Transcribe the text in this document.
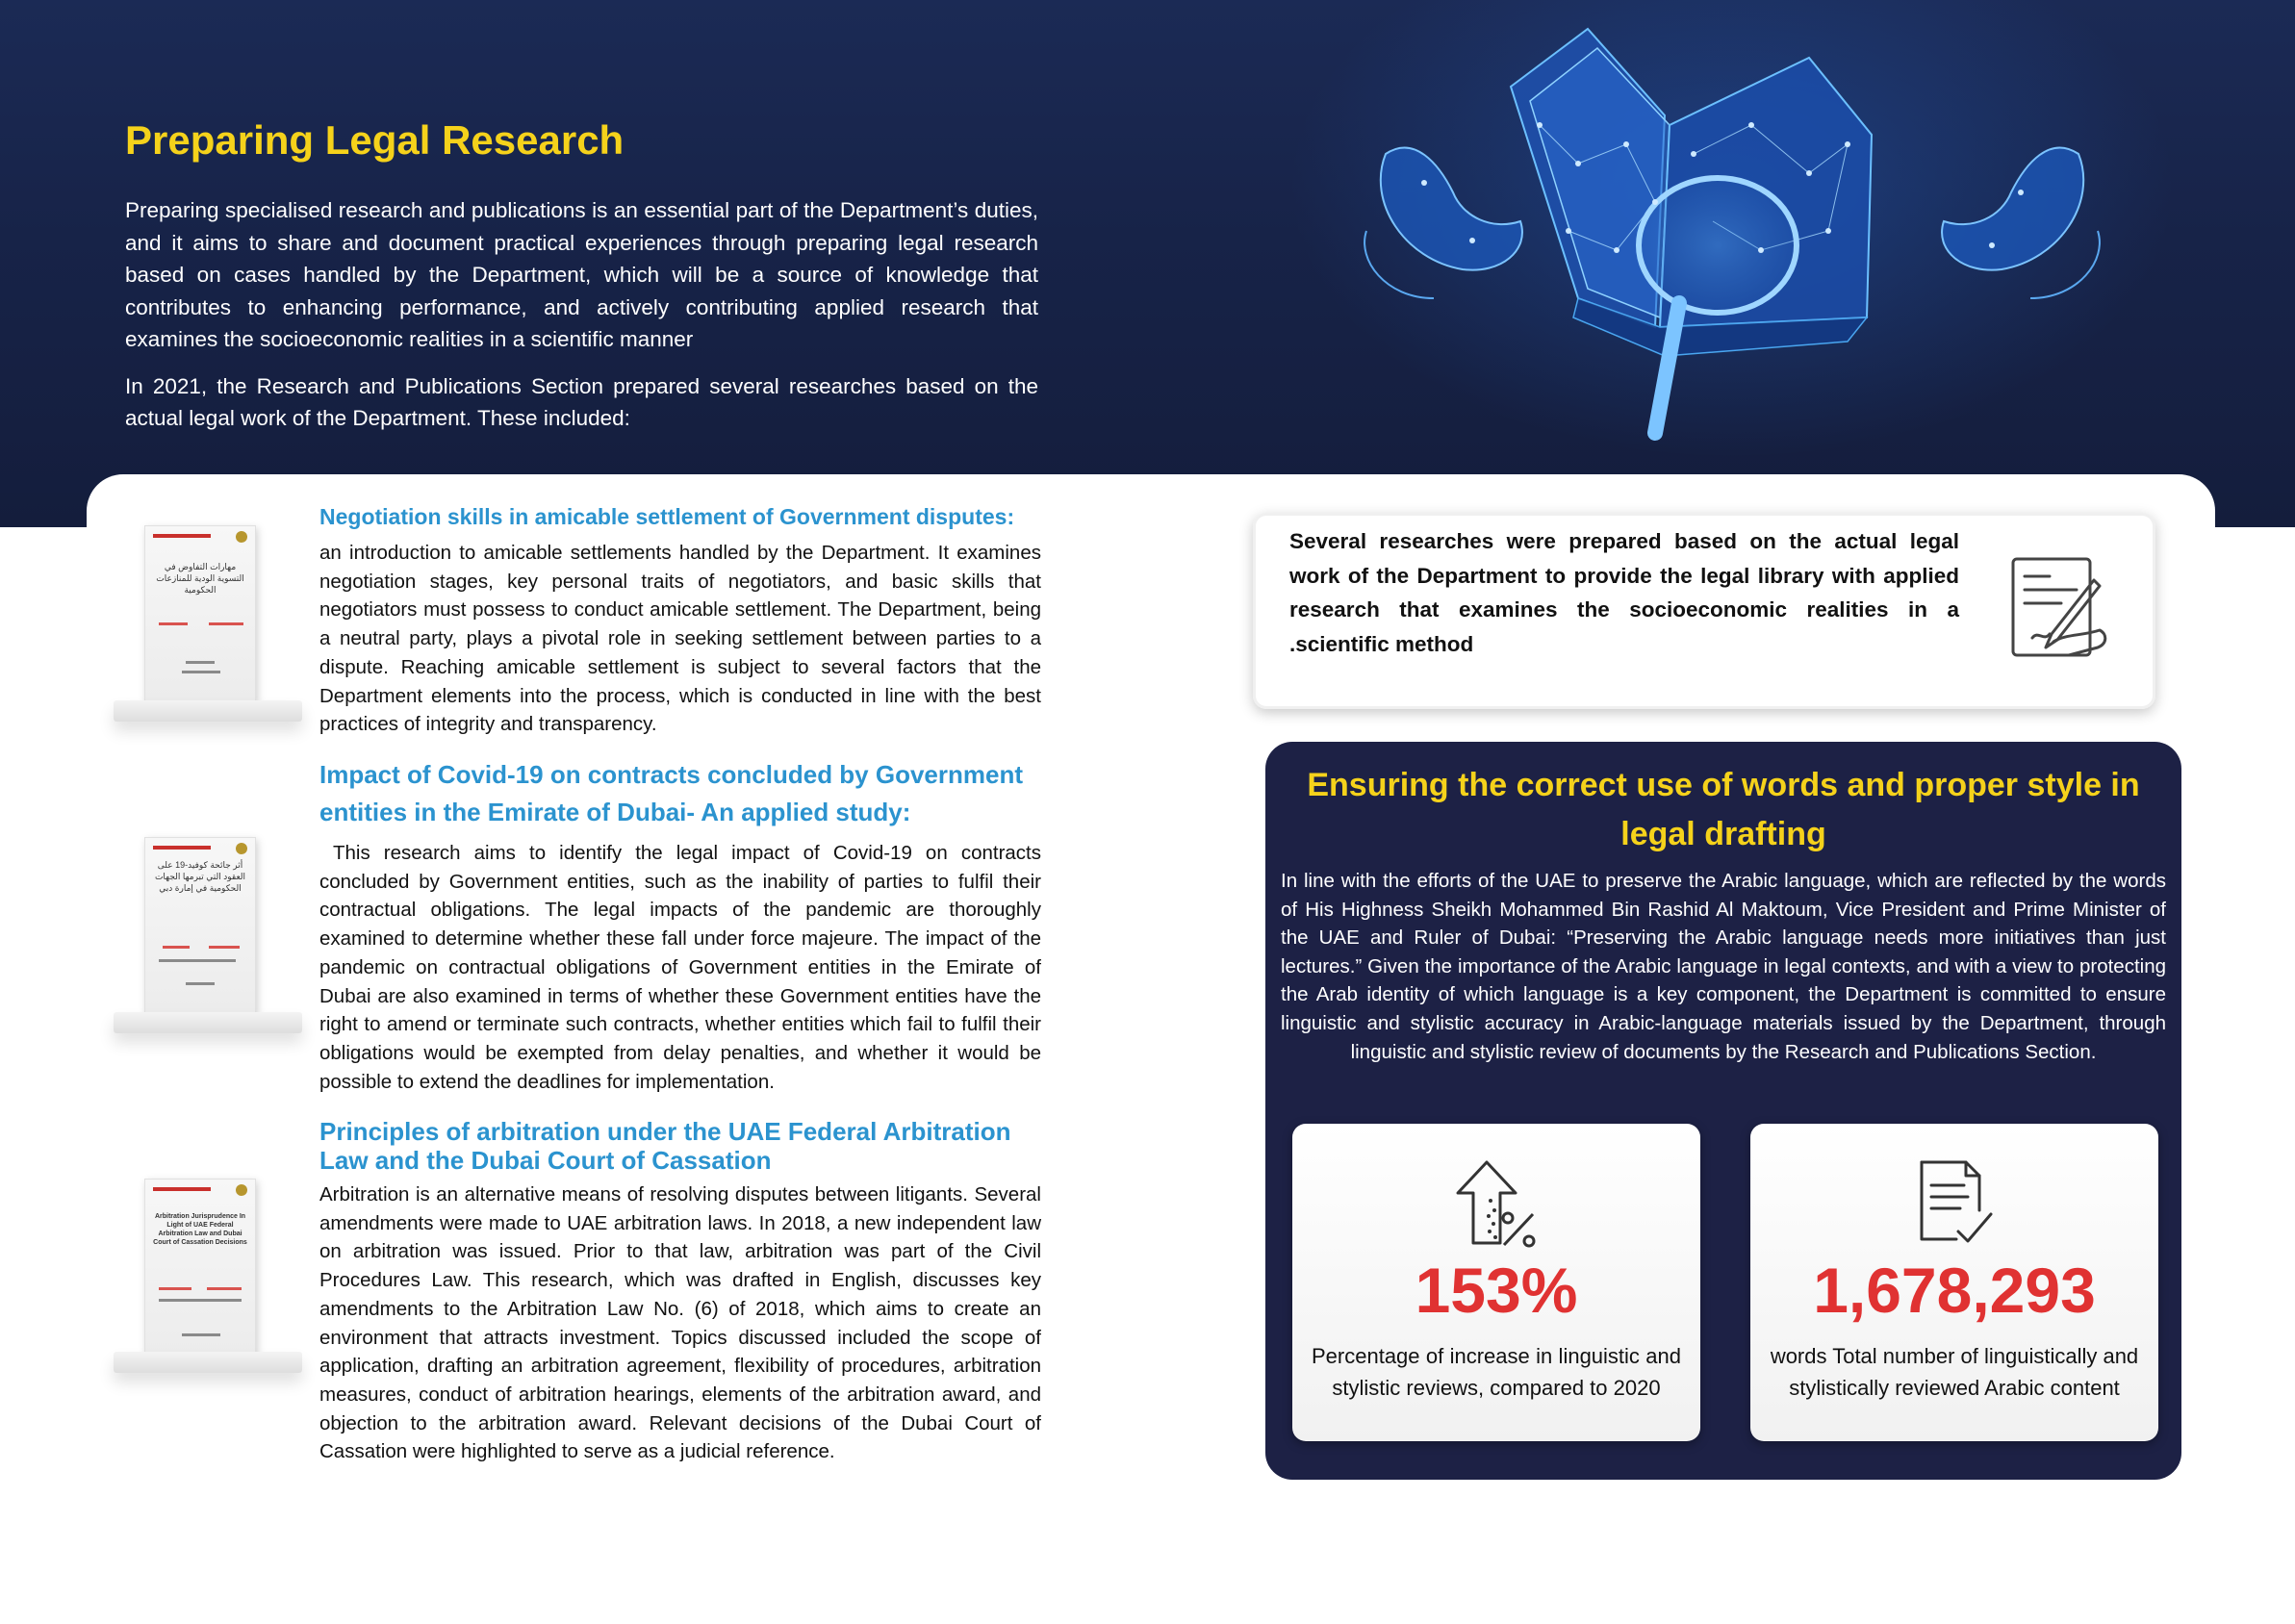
Preparing Legal Research

Preparing specialised research and publications is an essential part of the Department’s duties, and it aims to share and document practical experiences through preparing legal research based on cases handled by the Department, which will be a source of knowledge that contributes to enhancing performance, and actively contributing applied research that examines the socioeconomic realities in a scientific manner

In 2021, the Research and Publications Section prepared several researches based on the actual legal work of the Department. These included:

مهارات التفاوض في التسوية الودية للمنازعات الحكومية
Negotiation skills in amicable settlement of Government disputes:
an introduction to amicable settlements handled by the Department. It examines negotiation stages, key personal traits of negotiators, and basic skills that negotiators must possess to conduct amicable settlement. The Department, being a neutral party, plays a pivotal role in seeking settlement between parties to a dispute. Reaching amicable settlement is subject to several factors that the Department elements into the process, which is conducted in line with the best practices of integrity and transparency.
أثر جائحة كوفيد-19 على العقود التي تبرمها الجهات الحكومية في إمارة دبي
Impact of Covid-19 on contracts concluded by Government entities in the Emirate of Dubai- An applied study:
This research aims to identify the legal impact of Covid-19 on contracts concluded by Government entities, such as the inability of parties to fulfil their contractual obligations. The legal impacts of the pandemic are thoroughly examined to determine whether these fall under force majeure. The impact of the pandemic on contractual obligations of Government entities in the Emirate of Dubai are also examined in terms of whether these Government entities have the right to amend or terminate such contracts, whether entities which fail to fulfil their obligations would be exempted from delay penalties, and whether it would be possible to extend the deadlines for implementation.
Arbitration Jurisprudence In Light of UAE Federal Arbitration Law and Dubai Court of Cassation Decisions
Principles of arbitration under the UAE Federal Arbitration Law and the Dubai Court of Cassation
Arbitration is an alternative means of resolving disputes between litigants. Several amendments were made to UAE arbitration laws. In 2018, a new independent law on arbitration was issued. Prior to that law, arbitration was part of the Civil Procedures Law. This research, which was drafted in English, discusses key amendments to the Arbitration Law No. (6) of 2018, which aims to create an environment that attracts investment. Topics discussed included the scope of application, drafting an arbitration agreement, flexibility of procedures, arbitration measures, conduct of arbitration hearings, elements of the arbitration award, and objection to the arbitration award. Relevant decisions of the Dubai Court of Cassation were highlighted to serve as a judicial reference.
Several researches were prepared based on the actual legal work of the Department to provide the legal library with applied research that examines the socioeconomic realities in a .scientific method
Ensuring the correct use of words and proper style in legal drafting
In line with the efforts of the UAE to preserve the Arabic language, which are reflected by the words of His Highness Sheikh Mohammed Bin Rashid Al Maktoum, Vice President and Prime Minister of the UAE and Ruler of Dubai: “Preserving the Arabic language needs more initiatives than just lectures.” Given the importance of the Arabic language in legal contexts, and with a view to protecting the Arab identity of which language is a key component, the Department is committed to ensure linguistic and stylistic accuracy in Arabic-language materials issued by the Department, through linguistic and stylistic review of documents by the Research and Publications Section.
153%
Percentage of increase in linguistic and stylistic reviews, compared to 2020
1,678,293
words Total number of linguistically and stylistically reviewed Arabic content
